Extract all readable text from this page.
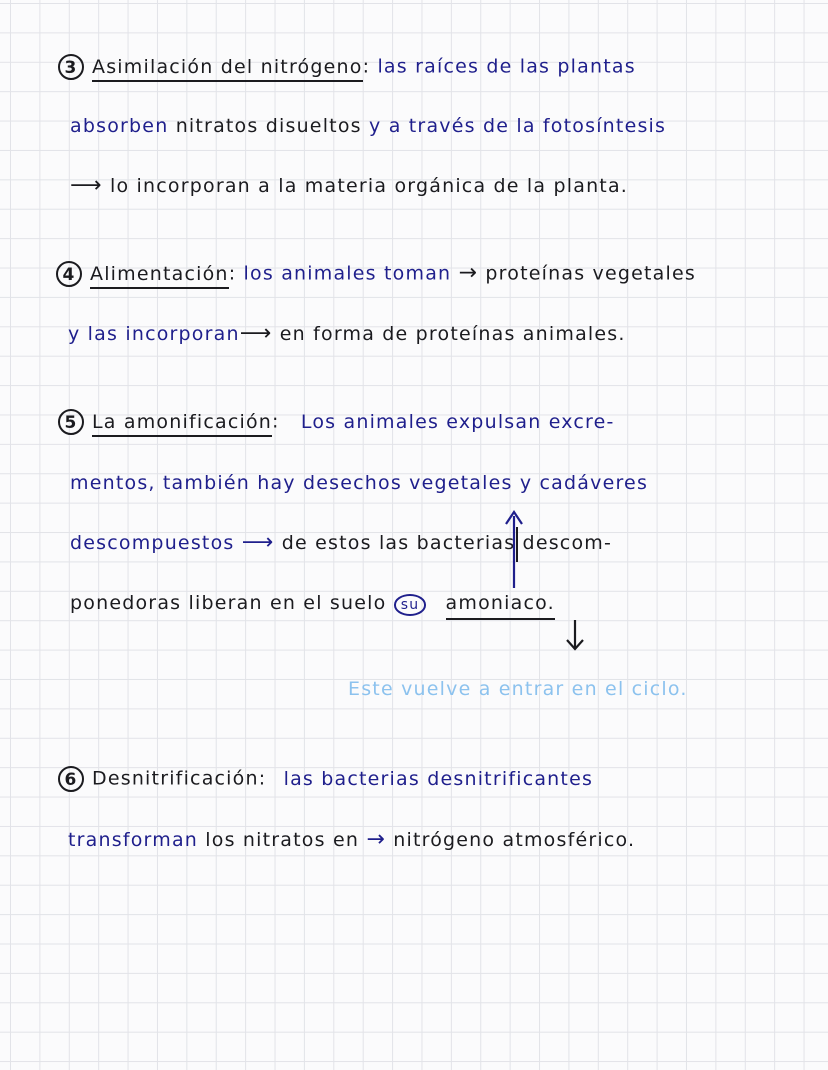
3 Asimilación del nitrógeno: las raíces de las plantas
absorben nitratos disueltos y a través de la fotosíntesis
⟶ lo incorporan a la materia orgánica de la planta.
4 Alimentación: los animales toman → proteínas vegetales
y las incorporan⟶ en forma de proteínas animales.
5 La amonificación: Los animales expulsan excre-
mentos, también hay desechos vegetales y cadáveres
descompuestos ⟶ de estos las bacterias descom-
ponedoras liberan en el suelo su amoniaco.
Este vuelve a entrar en el ciclo.
6 Desnitrificación: las bacterias desnitrificantes
transforman los nitratos en → nitrógeno atmosférico.
